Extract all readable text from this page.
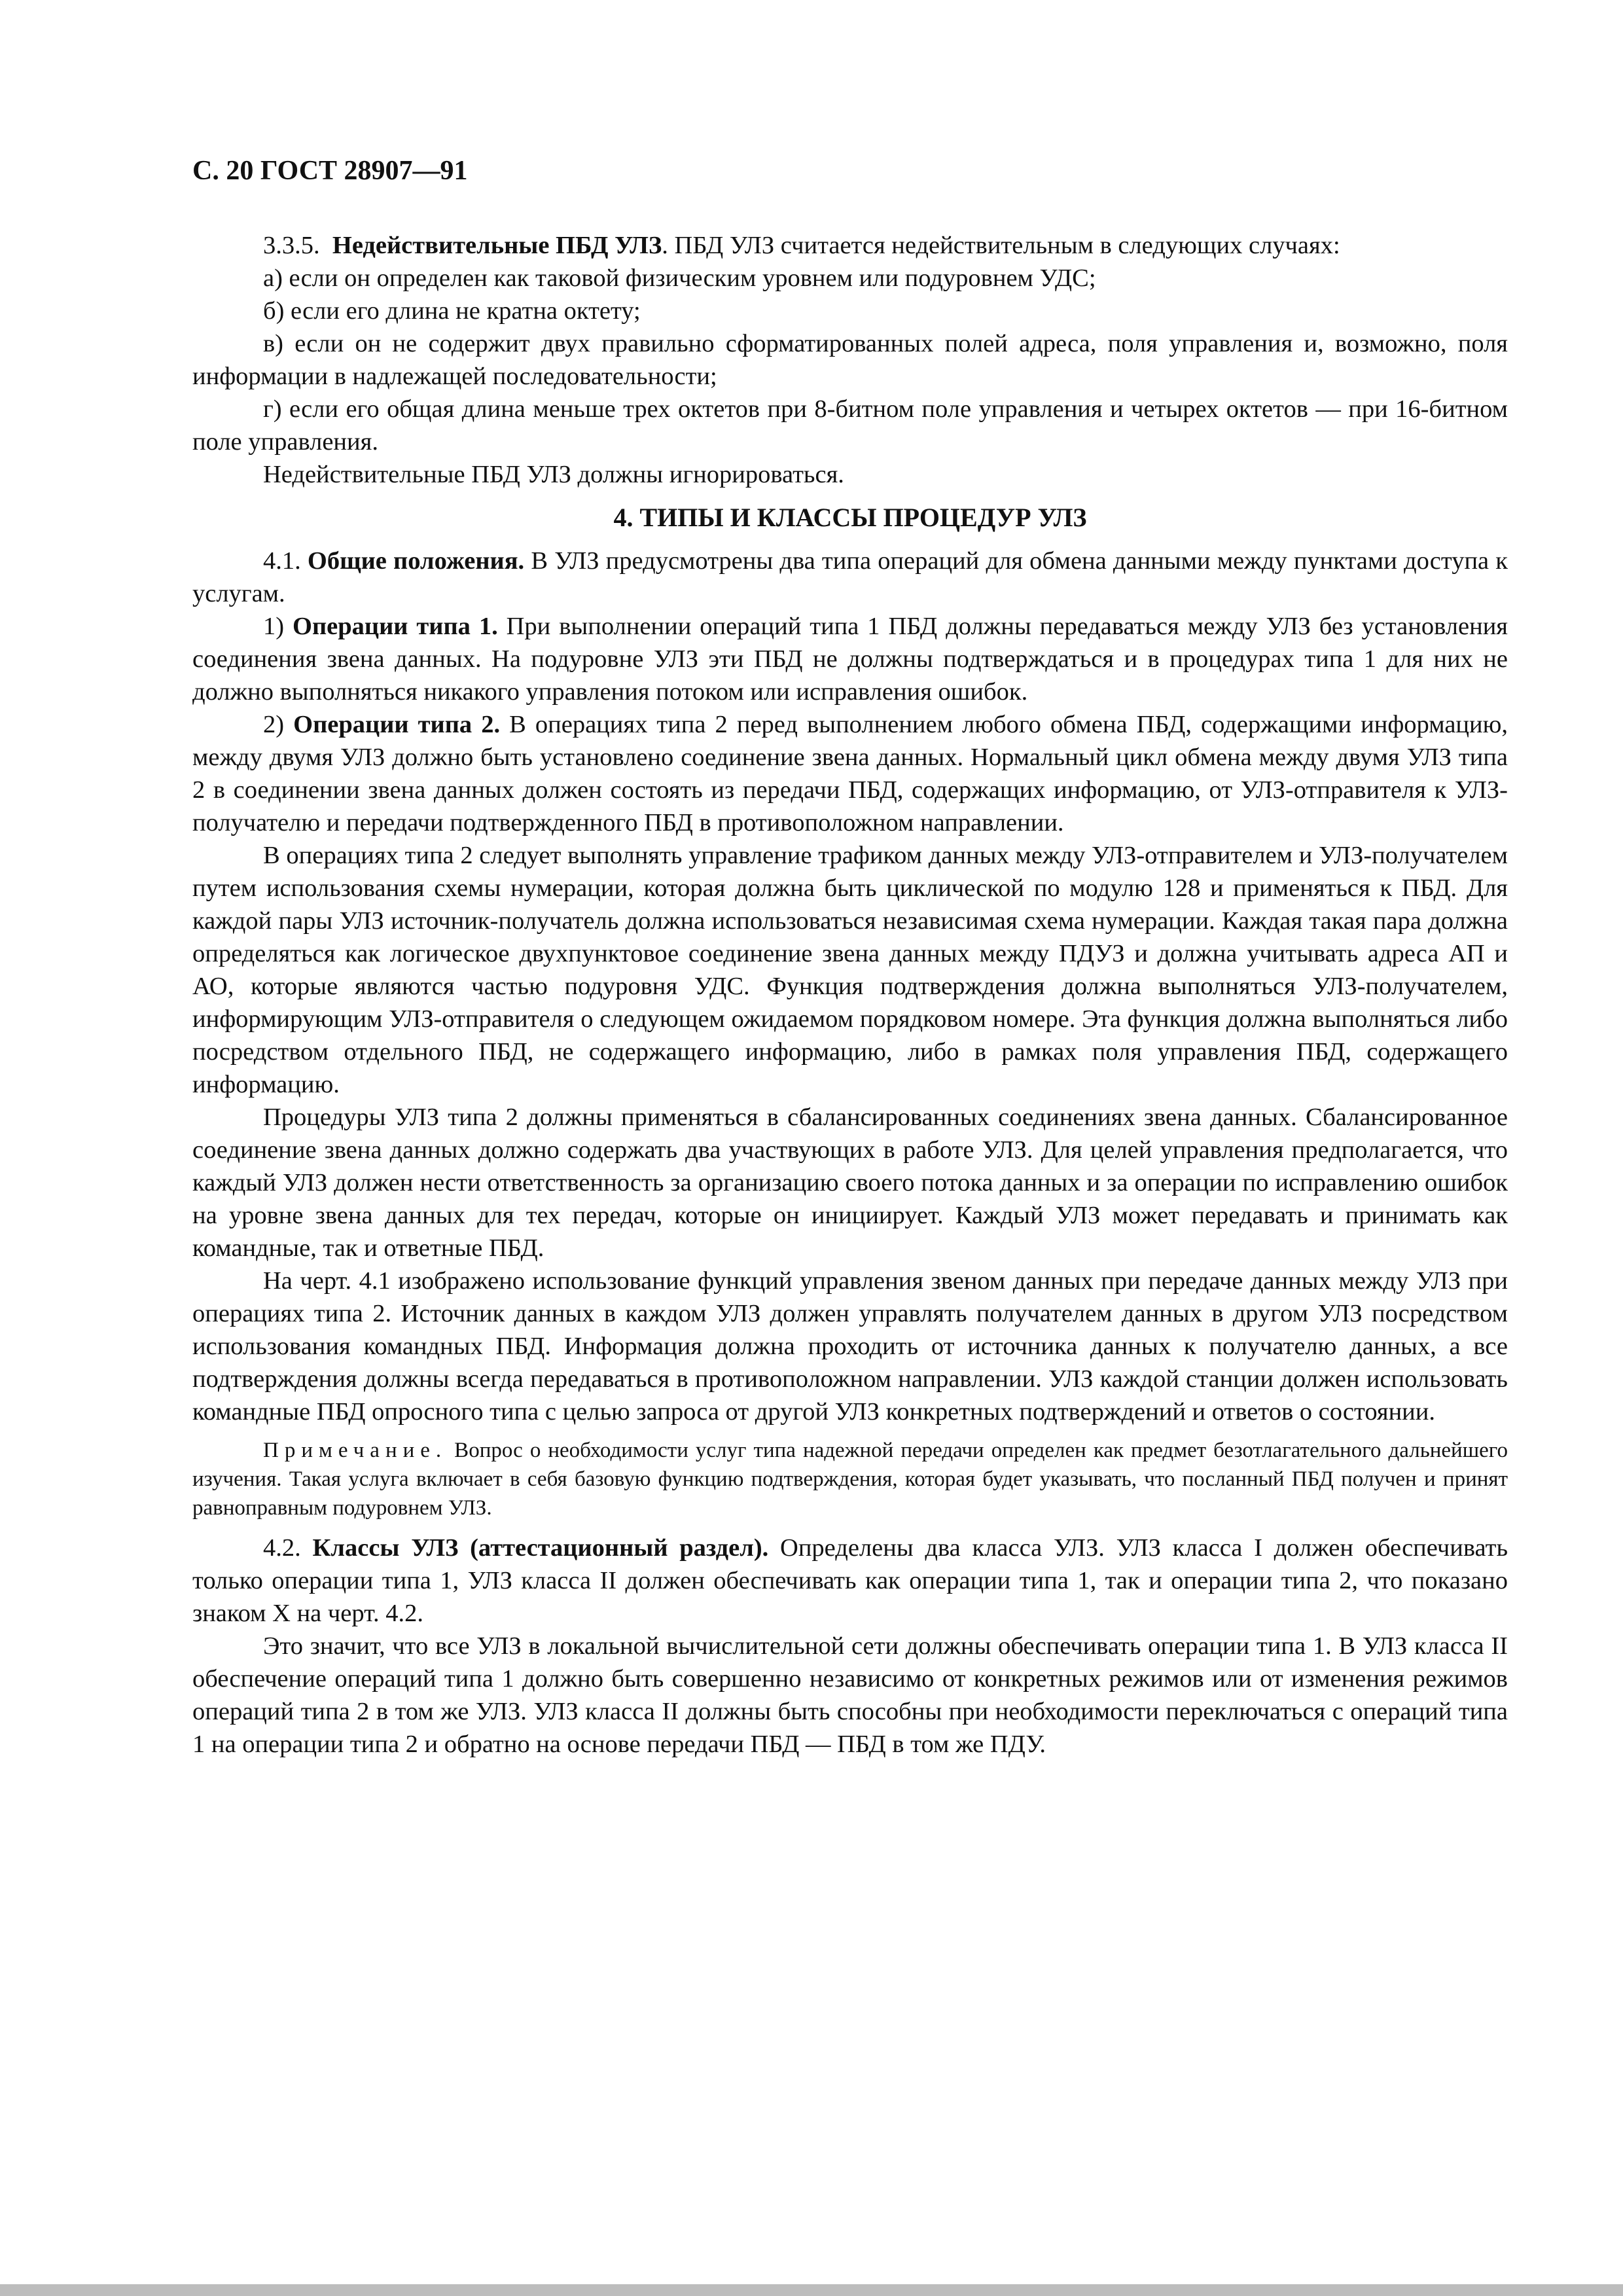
С. 20 ГОСТ 28907—91

3.3.5. Недействительные ПБД УЛЗ. ПБД УЛЗ считается недействительным в следующих случаях:

а) если он определен как таковой физическим уровнем или подуровнем УДС;

б) если его длина не кратна октету;

в) если он не содержит двух правильно сформатированных полей адреса, поля управления и, возможно, поля информации в надлежащей последовательности;

г) если его общая длина меньше трех октетов при 8-битном поле управления и четырех октетов — при 16-битном поле управления.

Недействительные ПБД УЛЗ должны игнорироваться.

4. ТИПЫ И КЛАССЫ ПРОЦЕДУР УЛЗ

4.1. Общие положения. В УЛЗ предусмотрены два типа операций для обмена данными между пунктами доступа к услугам.

1) Операции типа 1. При выполнении операций типа 1 ПБД должны передаваться между УЛЗ без установления соединения звена данных. На подуровне УЛЗ эти ПБД не должны подтверждаться и в процедурах типа 1 для них не должно выполняться никакого управления потоком или исправления ошибок.

2) Операции типа 2. В операциях типа 2 перед выполнением любого обмена ПБД, содержащими информацию, между двумя УЛЗ должно быть установлено соединение звена данных. Нормальный цикл обмена между двумя УЛЗ типа 2 в соединении звена данных должен состоять из передачи ПБД, содержащих информацию, от УЛЗ-отправителя к УЛЗ-получателю и передачи подтвержденного ПБД в противоположном направлении.

В операциях типа 2 следует выполнять управление трафиком данных между УЛЗ-отправителем и УЛЗ-получателем путем использования схемы нумерации, которая должна быть циклической по модулю 128 и применяться к ПБД. Для каждой пары УЛЗ источник-получатель должна использоваться независимая схема нумерации. Каждая такая пара должна определяться как логическое двухпунктовое соединение звена данных между ПДУЗ и должна учитывать адреса АП и АО, которые являются частью подуровня УДС. Функция подтверждения должна выполняться УЛЗ-получателем, информирующим УЛЗ-отправителя о следующем ожидаемом порядковом номере. Эта функция должна выполняться либо посредством отдельного ПБД, не содержащего информацию, либо в рамках поля управления ПБД, содержащего информацию.

Процедуры УЛЗ типа 2 должны применяться в сбалансированных соединениях звена данных. Сбалансированное соединение звена данных должно содержать два участвующих в работе УЛЗ. Для целей управления предполагается, что каждый УЛЗ должен нести ответственность за организацию своего потока данных и за операции по исправлению ошибок на уровне звена данных для тех передач, которые он инициирует. Каждый УЛЗ может передавать и принимать как командные, так и ответные ПБД.

На черт. 4.1 изображено использование функций управления звеном данных при передаче данных между УЛЗ при операциях типа 2. Источник данных в каждом УЛЗ должен управлять получателем данных в другом УЛЗ посредством использования командных ПБД. Информация должна проходить от источника данных к получателю данных, а все подтверждения должны всегда передаваться в противоположном направлении. УЛЗ каждой станции должен использовать командные ПБД опросного типа с целью запроса от другой УЛЗ конкретных подтверждений и ответов о состоянии.

Примечание. Вопрос о необходимости услуг типа надежной передачи определен как предмет безотлагательного дальнейшего изучения. Такая услуга включает в себя базовую функцию подтверждения, которая будет указывать, что посланный ПБД получен и принят равноправным подуровнем УЛЗ.

4.2. Классы УЛЗ (аттестационный раздел). Определены два класса УЛЗ. УЛЗ класса I должен обеспечивать только операции типа 1, УЛЗ класса II должен обеспечивать как операции типа 1, так и операции типа 2, что показано знаком X на черт. 4.2.

Это значит, что все УЛЗ в локальной вычислительной сети должны обеспечивать операции типа 1. В УЛЗ класса II обеспечение операций типа 1 должно быть совершенно независимо от конкретных режимов или от изменения режимов операций типа 2 в том же УЛЗ. УЛЗ класса II должны быть способны при необходимости переключаться с операций типа 1 на операции типа 2 и обратно на основе передачи ПБД — ПБД в том же ПДУ.
